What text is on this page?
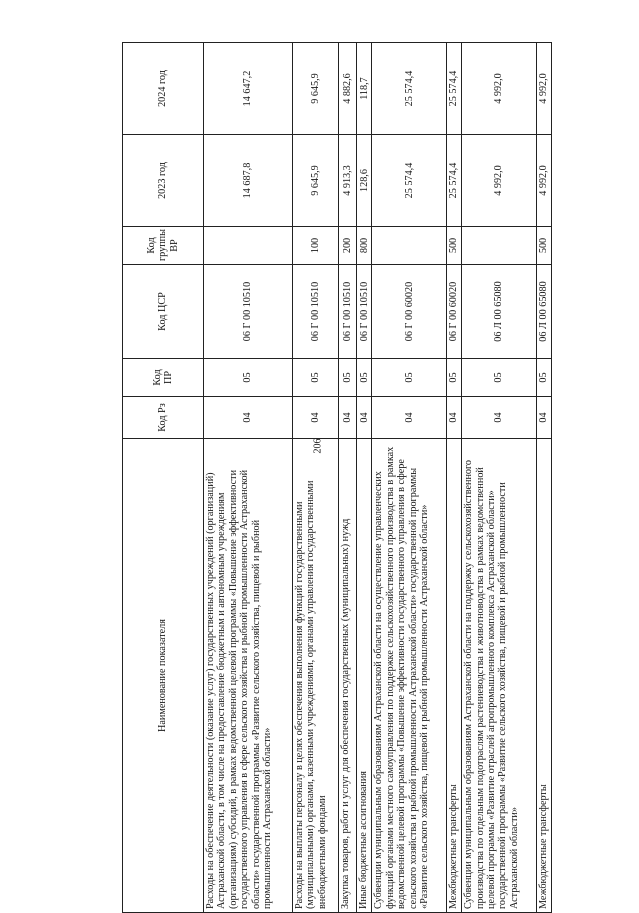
206
Наименование показателя	Код Рз	Код ПР	Код ЦСР	Код группы ВР	2023 год	2024 год
Расходы на обеспечение деятельности (оказание услуг) государственных учреждений (организаций) Астраханской области, в том числе на предоставление бюджетным и автономным учреждениям (организациям) субсидий, в рамках ведомственной целевой программы «Повышение эффективности государственного управления в сфере сельского хозяйства и рыбной промышленности Астраханской области» государственной программы «Развитие сельского хозяйства, пищевой и рыбной промышленности Астраханской области»	04	05	06 Г 00 10510		14 687,8	14 647,2
Расходы на выплаты персоналу в целях обеспечения выполнения функций государственными (муниципальными) органами, казенными учреждениями, органами управления государственными внебюджетными фондами	04	05	06 Г 00 10510	100	9 645,9	9 645,9
Закупка товаров, работ и услуг для обеспечения государственных (муниципальных) нужд	04	05	06 Г 00 10510	200	4 913,3	4 882,6
Иные бюджетные ассигнования	04	05	06 Г 00 10510	800	128,6	118,7
Субвенции муниципальным образованиям Астраханской области на осуществление управленческих функций органами местного самоуправления по поддержке сельскохозяйственного производства в рамках ведомственной целевой программы «Повышение эффективности государственного управления в сфере сельского хозяйства и рыбной промышленности Астраханской области» государственной программы «Развитие сельского хозяйства, пищевой и рыбной промышленности Астраханской области»	04	05	06 Г 00 60020		25 574,4	25 574,4
Межбюджетные трансферты	04	05	06 Г 00 60020	500	25 574,4	25 574,4
Субвенции муниципальным образованиям Астраханской области на поддержку сельскохозяйственного производства по отдельным подотраслям растениеводства и животноводства в рамках ведомственной целевой программы «Развитие отраслей агропромышленного комплекса Астраханской области» государственной программы «Развитие сельского хозяйства, пищевой и рыбной промышленности Астраханской области»	04	05	06 Л 00 65080		4 992,0	4 992,0
Межбюджетные трансферты	04	05	06 Л 00 65080	500	4 992,0	4 992,0
